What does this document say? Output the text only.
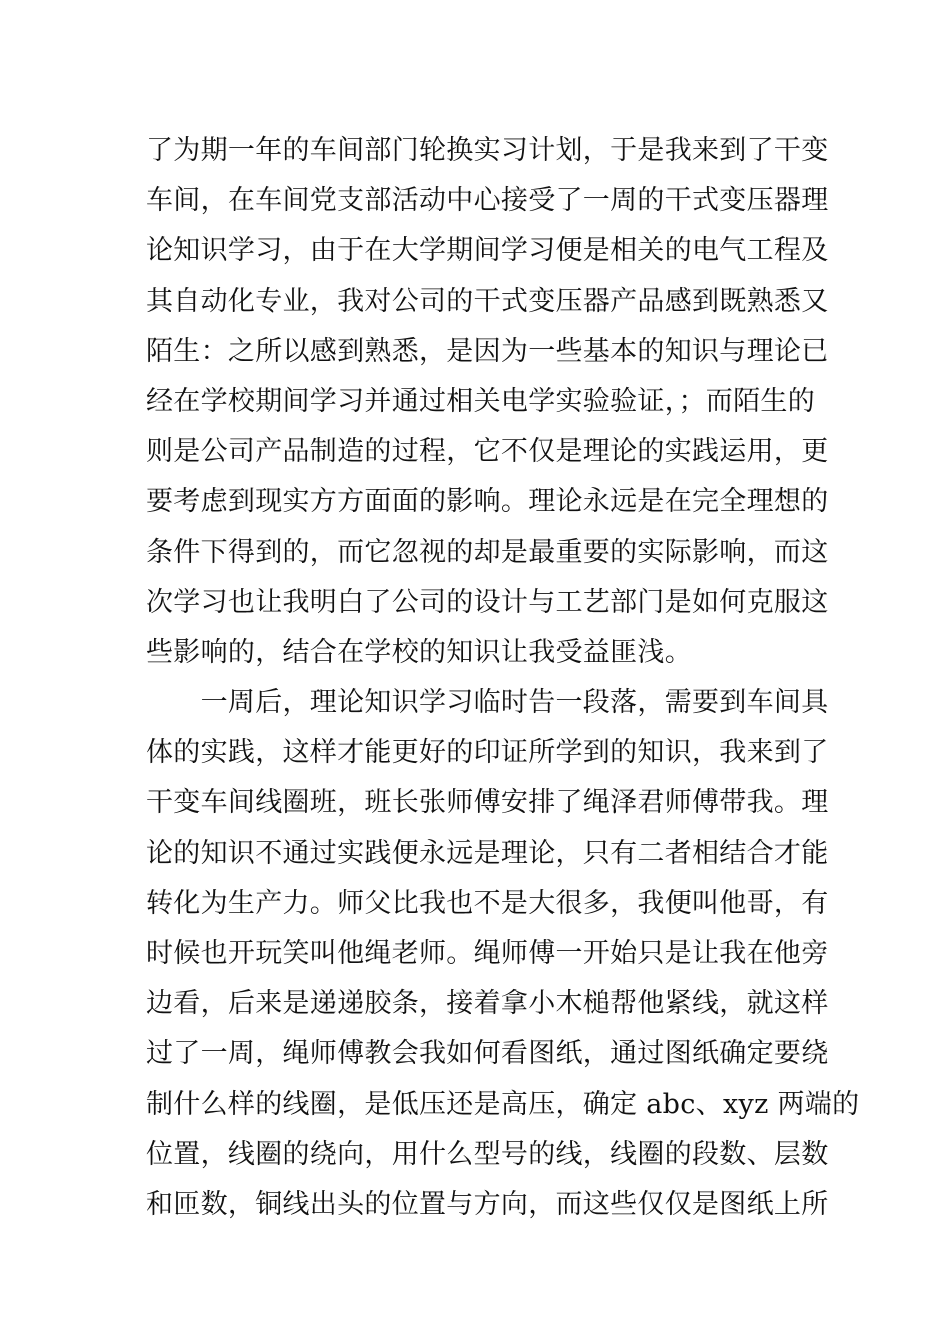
了为期一年的车间部门轮换实习计划，于是我来到了干变
车间，在车间党支部活动中心接受了一周的干式变压器理
论知识学习，由于在大学期间学习便是相关的电气工程及
其自动化专业，我对公司的干式变压器产品感到既熟悉又
陌生：之所以感到熟悉，是因为一些基本的知识与理论已
经在学校期间学习并通过相关电学实验验证，；而陌生的
则是公司产品制造的过程，它不仅是理论的实践运用，更
要考虑到现实方方面面的影响。理论永远是在完全理想的
条件下得到的，而它忽视的却是最重要的实际影响，而这
次学习也让我明白了公司的设计与工艺部门是如何克服这
些影响的，结合在学校的知识让我受益匪浅。
　　一周后，理论知识学习临时告一段落，需要到车间具
体的实践，这样才能更好的印证所学到的知识，我来到了
干变车间线圈班，班长张师傅安排了绳泽君师傅带我。理
论的知识不通过实践便永远是理论，只有二者相结合才能
转化为生产力。师父比我也不是大很多，我便叫他哥，有
时候也开玩笑叫他绳老师。绳师傅一开始只是让我在他旁
边看，后来是递递胶条，接着拿小木槌帮他紧线，就这样
过了一周，绳师傅教会我如何看图纸，通过图纸确定要绕
制什么样的线圈，是低压还是高压，确定 abc、xyz 两端的
位置，线圈的绕向，用什么型号的线，线圈的段数、层数
和匝数，铜线出头的位置与方向，而这些仅仅是图纸上所
